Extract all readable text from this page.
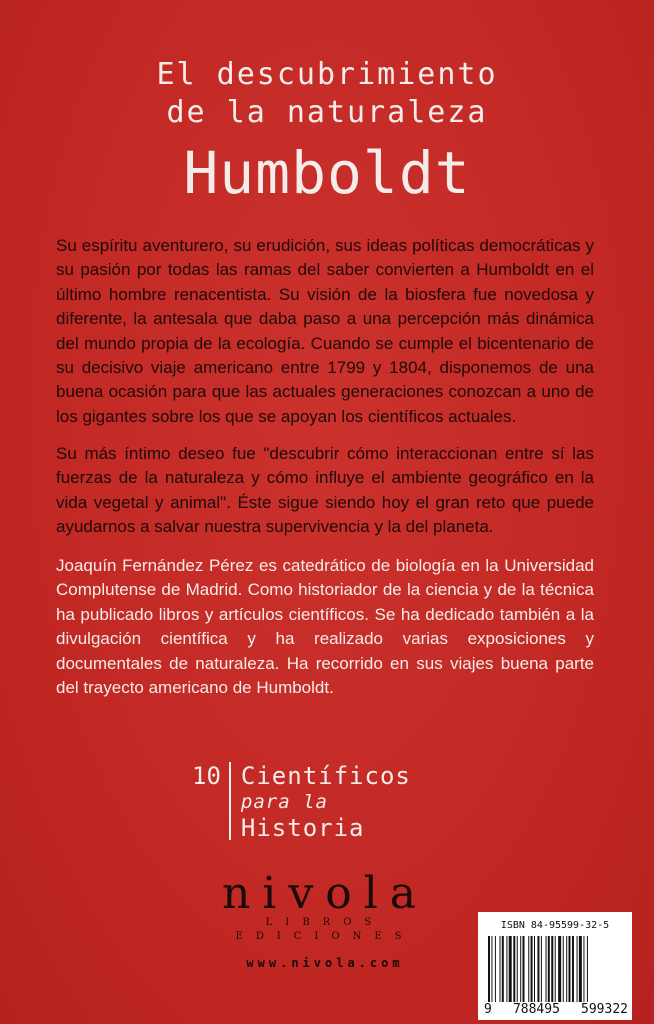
El descubrimiento
de la naturaleza
Humboldt
Su espíritu aventurero, su erudición, sus ideas políticas democráticas y su pasión por todas las ramas del saber convierten a Humboldt en el último hombre renacentista. Su visión de la biosfera fue novedosa y diferente, la antesala que daba paso a una percepción más dinámica del mundo propia de la ecología. Cuando se cumple el bicentenario de su decisivo viaje americano entre 1799 y 1804, disponemos de una buena ocasión para que las actuales generaciones conozcan a uno de los gigantes sobre los que se apoyan los científicos actuales.
Su más íntimo deseo fue "descubrir cómo interaccionan entre sí las fuerzas de la naturaleza y cómo influye el ambiente geográfico en la vida vegetal y animal". Éste sigue siendo hoy el gran reto que puede ayudarnos a salvar nuestra supervivencia y la del planeta.
Joaquín Fernández Pérez es catedrático de biología en la Universidad Complutense de Madrid. Como historiador de la ciencia y de la técnica ha publicado libros y artículos científicos. Se ha dedicado también a la divulgación científica y ha realizado varias exposiciones y documentales de naturaleza. Ha recorrido en sus viajes buena parte del trayecto americano de Humboldt.
10 Científicos
para la
Historia
nivola
LIBROS
EDICIONES
www.nivola.com
ISBN 84-95599-32-5
9 788495 599322
